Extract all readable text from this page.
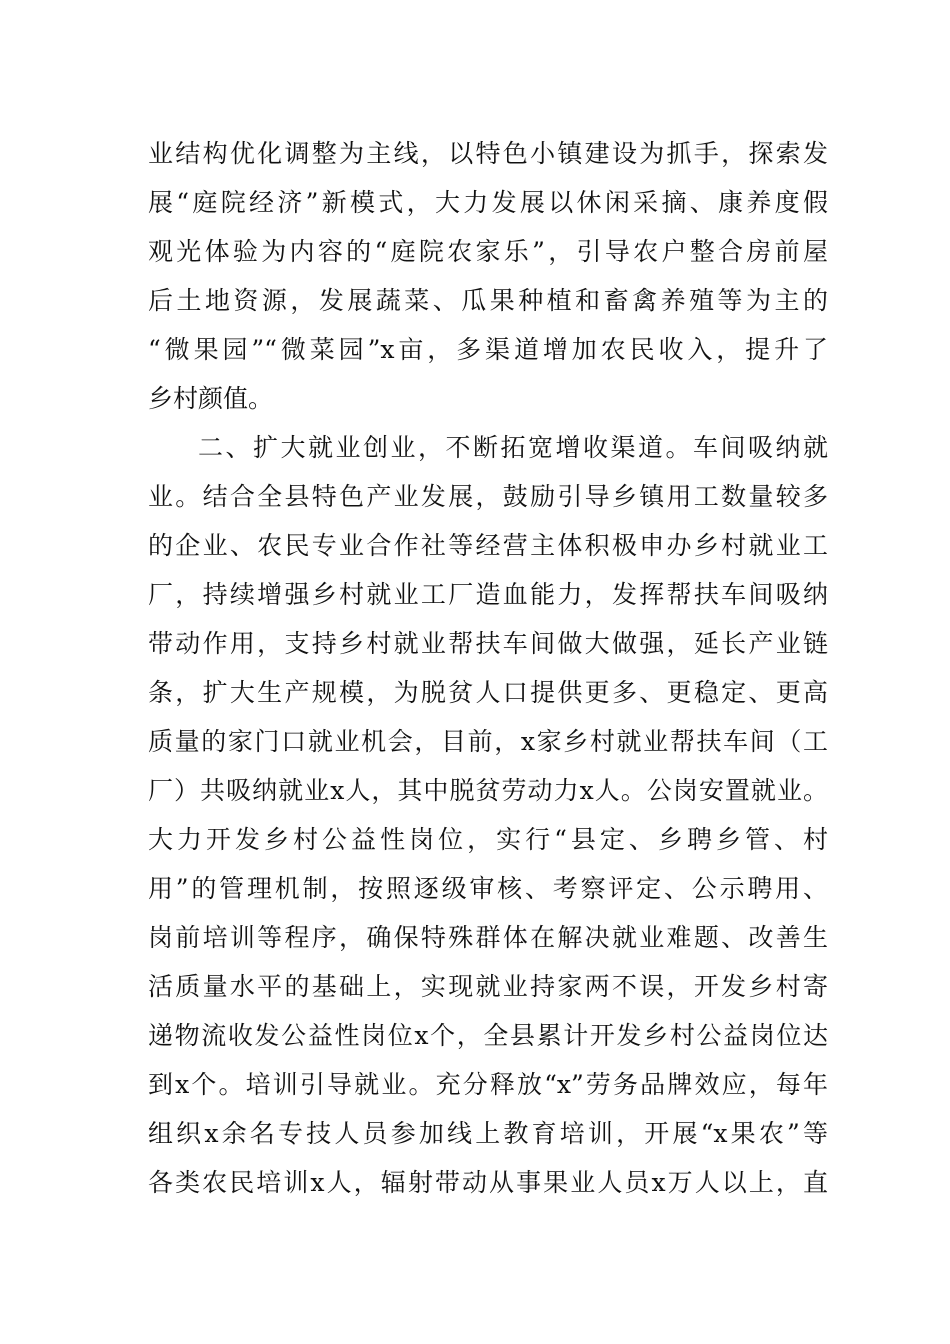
业结构优化调整为主线，以特色小镇建设为抓手，探索发
展“庭院经济”新模式，大力发展以休闲采摘、康养度假
观光体验为内容的“庭院农家乐”，引导农户整合房前屋
后土地资源，发展蔬菜、瓜果种植和畜禽养殖等为主的
“微果园”“微菜园”x亩，多渠道增加农民收入，提升了
乡村颜值。
二、扩大就业创业，不断拓宽增收渠道。车间吸纳就
业。结合全县特色产业发展，鼓励引导乡镇用工数量较多
的企业、农民专业合作社等经营主体积极申办乡村就业工
厂，持续增强乡村就业工厂造血能力，发挥帮扶车间吸纳
带动作用，支持乡村就业帮扶车间做大做强，延长产业链
条，扩大生产规模，为脱贫人口提供更多、更稳定、更高
质量的家门口就业机会，目前，x家乡村就业帮扶车间（工
厂）共吸纳就业x人，其中脱贫劳动力x人。公岗安置就业。
大力开发乡村公益性岗位，实行“县定、乡聘乡管、村
用”的管理机制，按照逐级审核、考察评定、公示聘用、
岗前培训等程序，确保特殊群体在解决就业难题、改善生
活质量水平的基础上，实现就业持家两不误，开发乡村寄
递物流收发公益性岗位x个，全县累计开发乡村公益岗位达
到x个。培训引导就业。充分释放“x”劳务品牌效应，每年
组织x余名专技人员参加线上教育培训，开展“x果农”等
各类农民培训x人，辐射带动从事果业人员x万人以上，直
